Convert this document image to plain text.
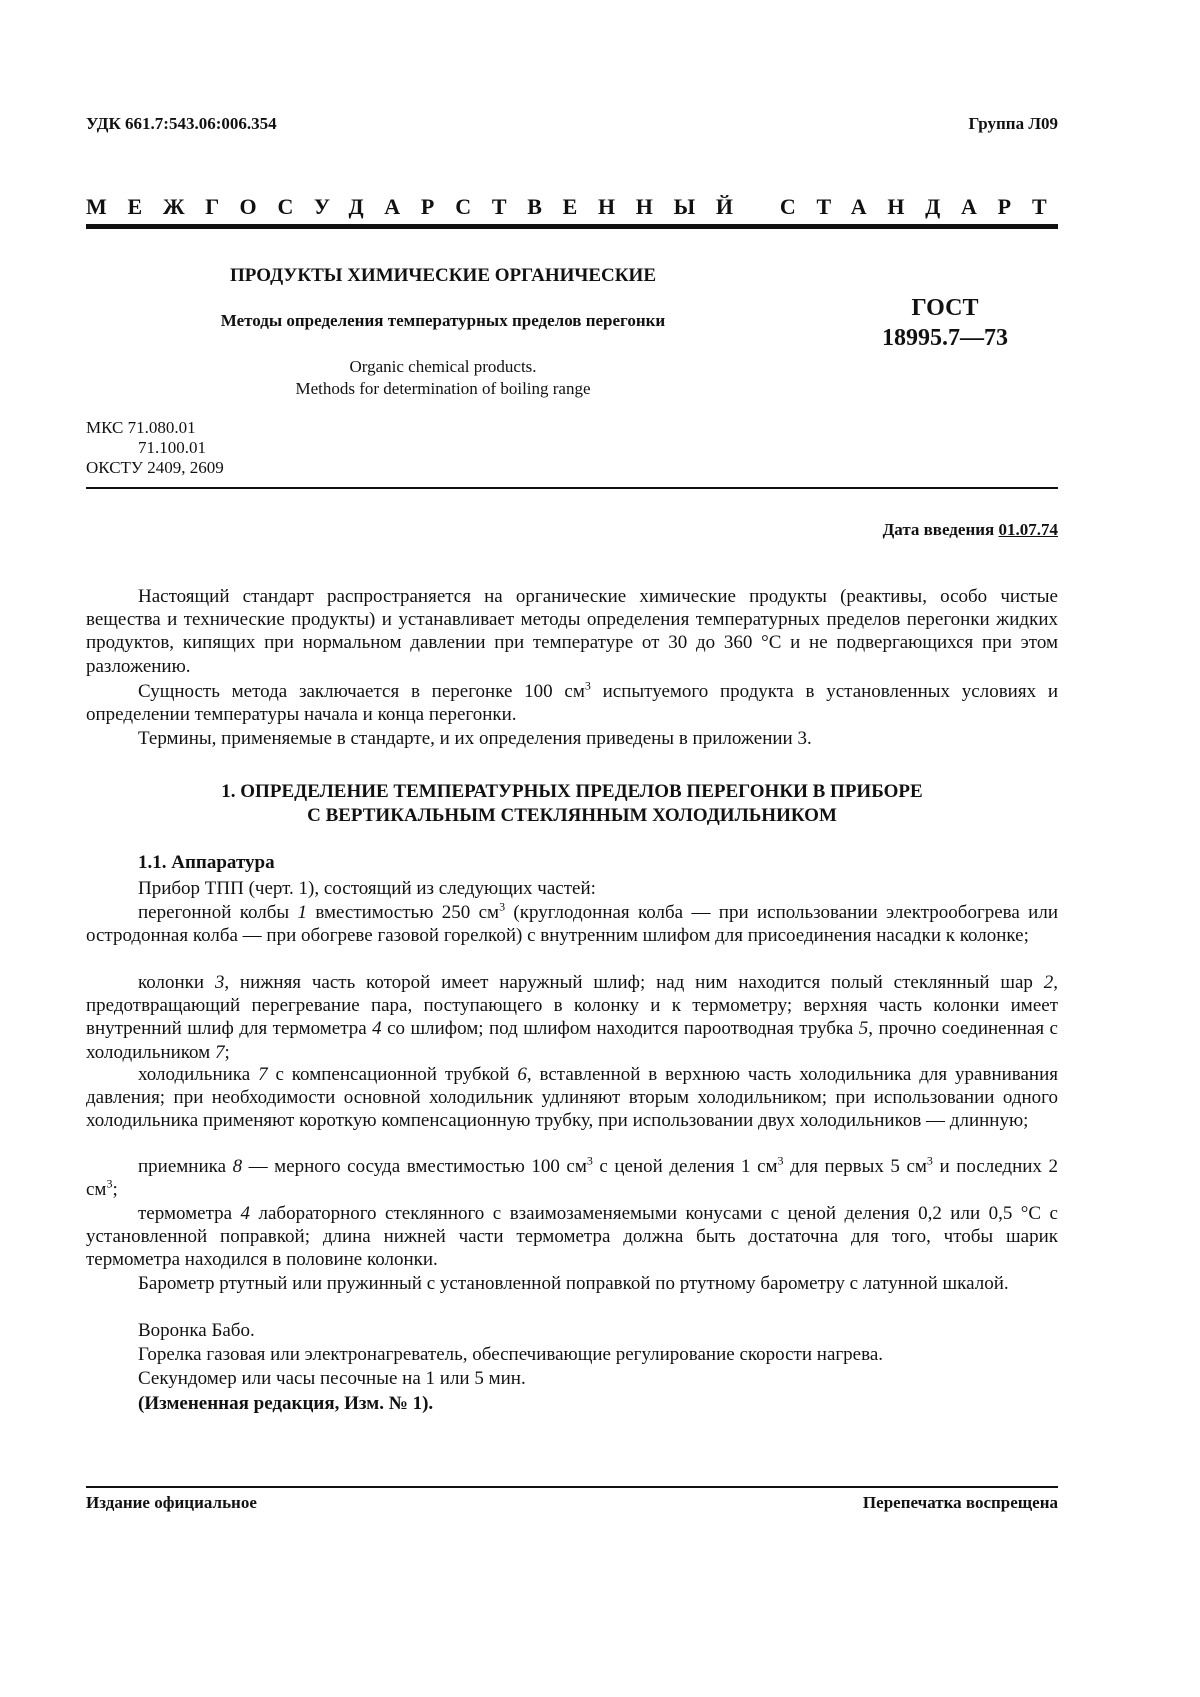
УДК 661.7:543.06:006.354	Группа Л09
МЕЖГОСУДАРСТВЕННЫЙ СТАНДАРТ
ПРОДУКТЫ ХИМИЧЕСКИЕ ОРГАНИЧЕСКИЕ
Методы определения температурных пределов перегонки
Organic chemical products.
Methods for determination of boiling range
ГОСТ
18995.7—73
МКС 71.080.01
71.100.01
ОКСТУ 2409, 2609
Дата введения 01.07.74

Настоящий стандарт распространяется на органические химические продукты (реактивы, особо чистые вещества и технические продукты) и устанавливает методы определения температурных пределов перегонки жидких продуктов, кипящих при нормальном давлении при температуре от 30 до 360 °С и не подвергающихся при этом разложению.

Сущность метода заключается в перегонке 100 $см^3$ испытуемого продукта в установленных условиях и определении температуры начала и конца перегонки.

Термины, применяемые в стандарте, и их определения приведены в приложении 3.

1. ОПРЕДЕЛЕНИЕ ТЕМПЕРАТУРНЫХ ПРЕДЕЛОВ ПЕРЕГОНКИ В ПРИБОРЕ
С ВЕРТИКАЛЬНЫМ СТЕКЛЯННЫМ ХОЛОДИЛЬНИКОМ
1.1. Аппаратура

Прибор ТПП (черт. 1), состоящий из следующих частей:

перегонной колбы 1 вместимостью 250 $см^3$ (круглодонная колба — при использовании электрообогрева или остродонная колба — при обогреве газовой горелкой) с внутренним шлифом для присоединения насадки к колонке;

колонки 3, нижняя часть которой имеет наружный шлиф; над ним находится полый стеклянный шар 2, предотвращающий перегревание пара, поступающего в колонку и к термометру; верхняя часть колонки имеет внутренний шлиф для термометра 4 со шлифом; под шлифом находится пароотводная трубка 5, прочно соединенная с холодильником 7;

холодильника 7 с компенсационной трубкой 6, вставленной в верхнюю часть холодильника для уравнивания давления; при необходимости основной холодильник удлиняют вторым холодильником; при использовании одного холодильника применяют короткую компенсационную трубку, при использовании двух холодильников — длинную;

приемника 8 — мерного сосуда вместимостью 100 $см^3$ с ценой деления 1 $см^3$ для первых 5 $см^3$ и последних 2 $см^3$;

термометра 4 лабораторного стеклянного с взаимозаменяемыми конусами с ценой деления 0,2 или 0,5 °С с установленной поправкой; длина нижней части термометра должна быть достаточна для того, чтобы шарик термометра находился в половине колонки.

Барометр ртутный или пружинный с установленной поправкой по ртутному барометру с латунной шкалой.

Воронка Бабо.

Горелка газовая или электронагреватель, обеспечивающие регулирование скорости нагрева.

Секундомер или часы песочные на 1 или 5 мин.

(Измененная редакция, Изм. № 1).

Издание официальное	Перепечатка воспрещена
